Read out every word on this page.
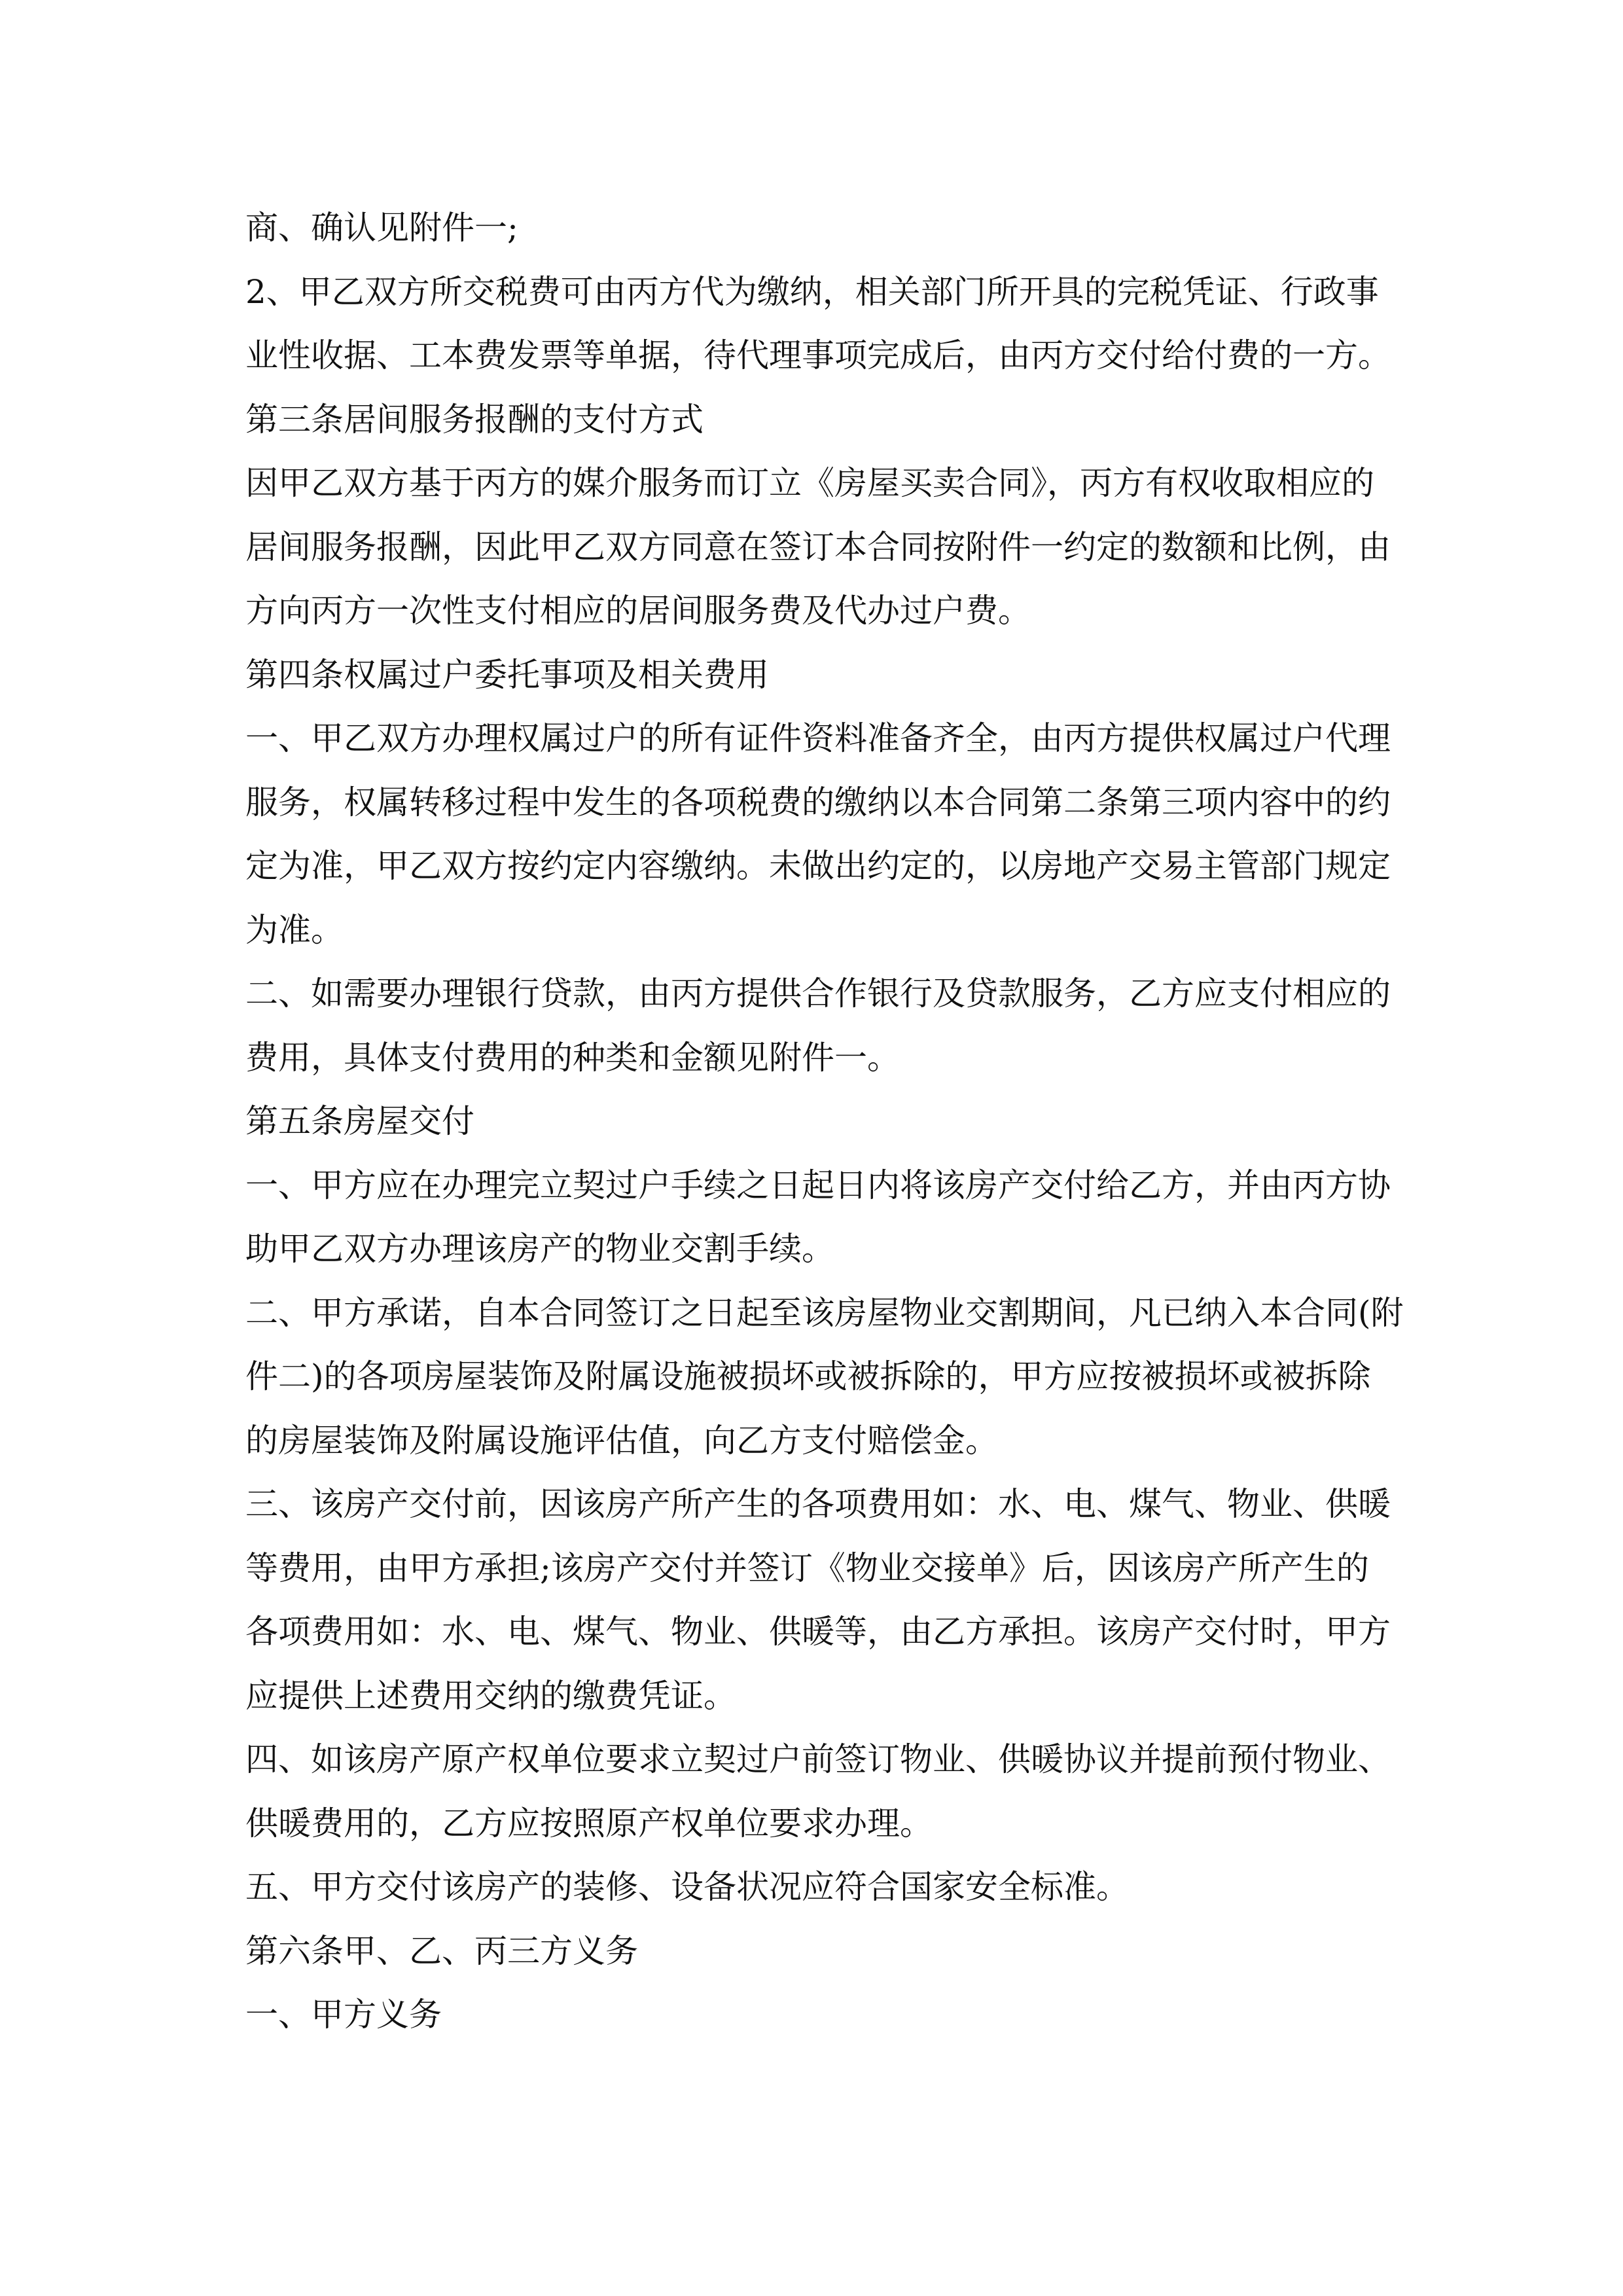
商、确认见附件一;

2、甲乙双方所交税费可由丙方代为缴纳，相关部门所开具的完税凭证、行政事

业性收据、工本费发票等单据，待代理事项完成后，由丙方交付给付费的一方。

第三条居间服务报酬的支付方式

因甲乙双方基于丙方的媒介服务而订立《房屋买卖合同》，丙方有权收取相应的

居间服务报酬，因此甲乙双方同意在签订本合同按附件一约定的数额和比例，由

方向丙方一次性支付相应的居间服务费及代办过户费。

第四条权属过户委托事项及相关费用

一、甲乙双方办理权属过户的所有证件资料准备齐全，由丙方提供权属过户代理

服务，权属转移过程中发生的各项税费的缴纳以本合同第二条第三项内容中的约

定为准，甲乙双方按约定内容缴纳。未做出约定的，以房地产交易主管部门规定

为准。

二、如需要办理银行贷款，由丙方提供合作银行及贷款服务，乙方应支付相应的

费用，具体支付费用的种类和金额见附件一。

第五条房屋交付

一、甲方应在办理完立契过户手续之日起日内将该房产交付给乙方，并由丙方协

助甲乙双方办理该房产的物业交割手续。

二、甲方承诺，自本合同签订之日起至该房屋物业交割期间，凡已纳入本合同(附

件二)的各项房屋装饰及附属设施被损坏或被拆除的，甲方应按被损坏或被拆除

的房屋装饰及附属设施评估值，向乙方支付赔偿金。

三、该房产交付前，因该房产所产生的各项费用如：水、电、煤气、物业、供暖

等费用，由甲方承担;该房产交付并签订《物业交接单》后，因该房产所产生的

各项费用如：水、电、煤气、物业、供暖等，由乙方承担。该房产交付时，甲方

应提供上述费用交纳的缴费凭证。

四、如该房产原产权单位要求立契过户前签订物业、供暖协议并提前预付物业、

供暖费用的，乙方应按照原产权单位要求办理。

五、甲方交付该房产的装修、设备状况应符合国家安全标准。

第六条甲、乙、丙三方义务

一、甲方义务
